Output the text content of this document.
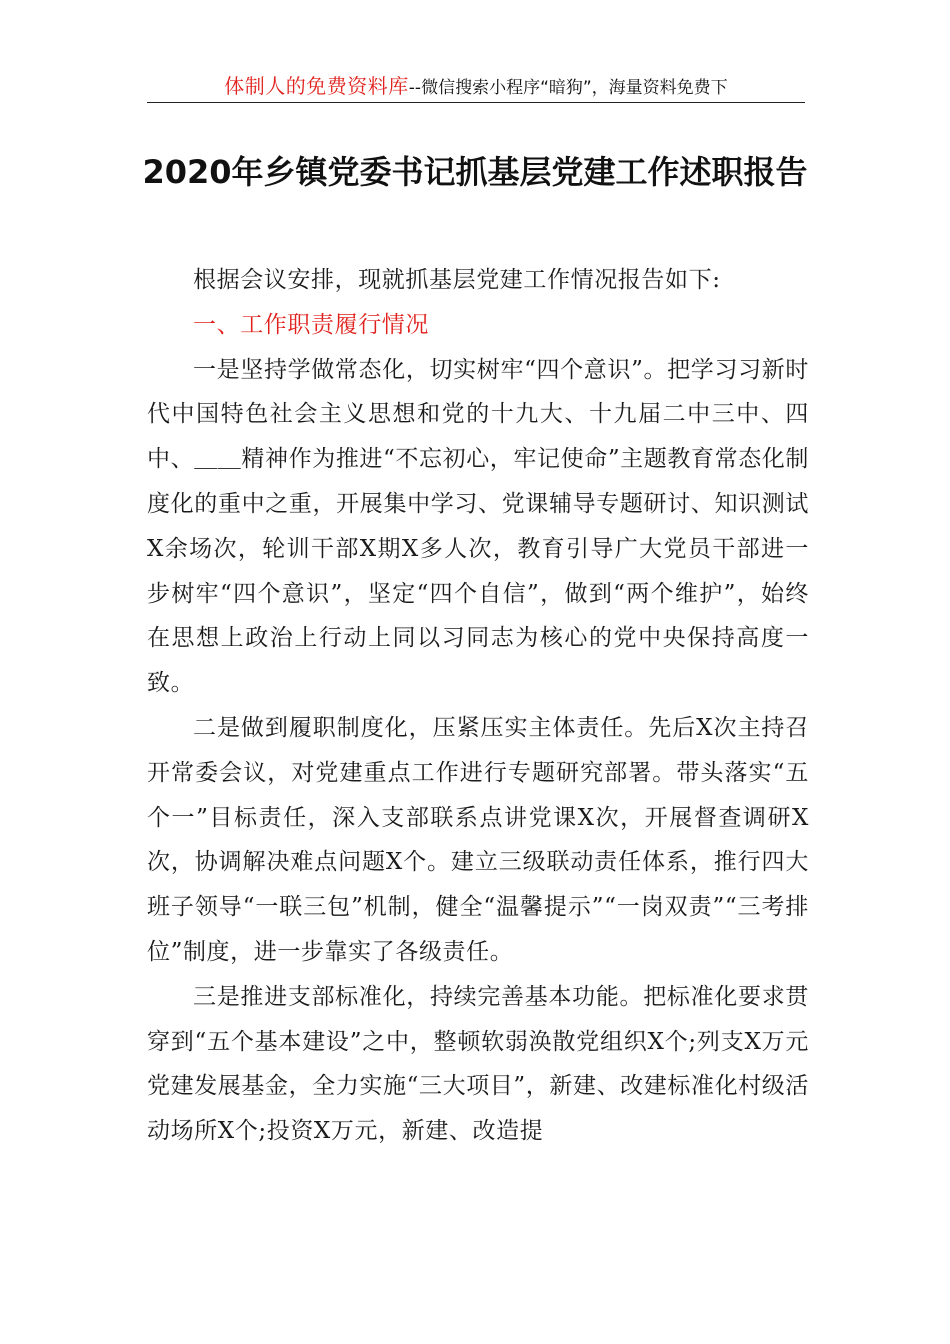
体制人的免费资料库--微信搜索小程序“暗狗”，海量资料免费下
2020年乡镇党委书记抓基层党建工作述职报告

根据会议安排，现就抓基层党建工作情况报告如下:

一、工作职责履行情况

一是坚持学做常态化，切实树牢“四个意识”。把学习习新时代中国特色社会主义思想和党的十九大、十九届二中三中、四中、＿＿精神作为推进“不忘初心，牢记使命”主题教育常态化制度化的重中之重，开展集中学习、党课辅导专题研讨、知识测试X余场次，轮训干部X期X多人次，教育引导广大党员干部进一步树牢“四个意识”，坚定“四个自信”，做到“两个维护”，始终在思想上政治上行动上同以习同志为核心的党中央保持高度一致。

二是做到履职制度化，压紧压实主体责任。先后X次主持召开常委会议，对党建重点工作进行专题研究部署。带头落实“五个一”目标责任，深入支部联系点讲党课X次，开展督查调研X次，协调解决难点问题X个。建立三级联动责任体系，推行四大班子领导“一联三包”机制，健全“温馨提示”“一岗双责”“三考排位”制度，进一步靠实了各级责任。

三是推进支部标准化，持续完善基本功能。把标准化要求贯穿到“五个基本建设”之中，整顿软弱涣散党组织X个;列支X万元党建发展基金，全力实施“三大项目”，新建、改建标准化村级活动场所X个;投资X万元，新建、改造提
